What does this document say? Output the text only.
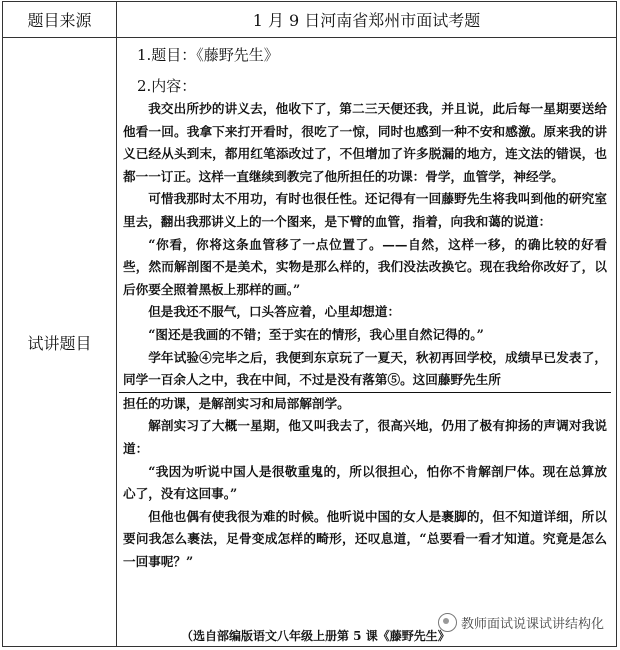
题目来源	1 月 9 日河南省郑州市面试考题
试讲题目
1.题目：《藤野先生》
2.内容：

我交出所抄的讲义去，他收下了，第二三天便还我，并且说，此后每一星期要送给他看一回。我拿下来打开看时，很吃了一惊，同时也感到一种不安和感激。原来我的讲义已经从头到末，都用红笔添改过了，不但增加了许多脱漏的地方，连文法的错误，也都一一订正。这样一直继续到教完了他所担任的功课：骨学，血管学，神经学。

可惜我那时太不用功，有时也很任性。还记得有一回藤野先生将我叫到他的研究室里去，翻出我那讲义上的一个图来，是下臂的血管，指着，向我和蔼的说道：

“你看，你将这条血管移了一点位置了。——自然，这样一移，的确比较的好看些，然而解剖图不是美术，实物是那么样的，我们没法改换它。现在我给你改好了，以后你要全照着黑板上那样的画。”

但是我还不服气，口头答应着，心里却想道：

“图还是我画的不错；至于实在的情形，我心里自然记得的。”

学年试验④完毕之后，我便到东京玩了一夏天，秋初再回学校，成绩早已发表了，同学一百余人之中，我在中间，不过是没有落第⑤。这回藤野先生所

担任的功课，是解剖实习和局部解剖学。

解剖实习了大概一星期，他又叫我去了，很高兴地，仍用了极有抑扬的声调对我说道：

“我因为听说中国人是很敬重鬼的，所以很担心，怕你不肯解剖尸体。现在总算放心了，没有这回事。”

但他也偶有使我很为难的时候。他听说中国的女人是裹脚的，但不知道详细，所以要问我怎么裹法，足骨变成怎样的畸形，还叹息道，“总要看一看才知道。究竟是怎么一回事呢？”

（选自部编版语文八年级上册第 5 课《藤野先生》
教师面试说课试讲结构化
